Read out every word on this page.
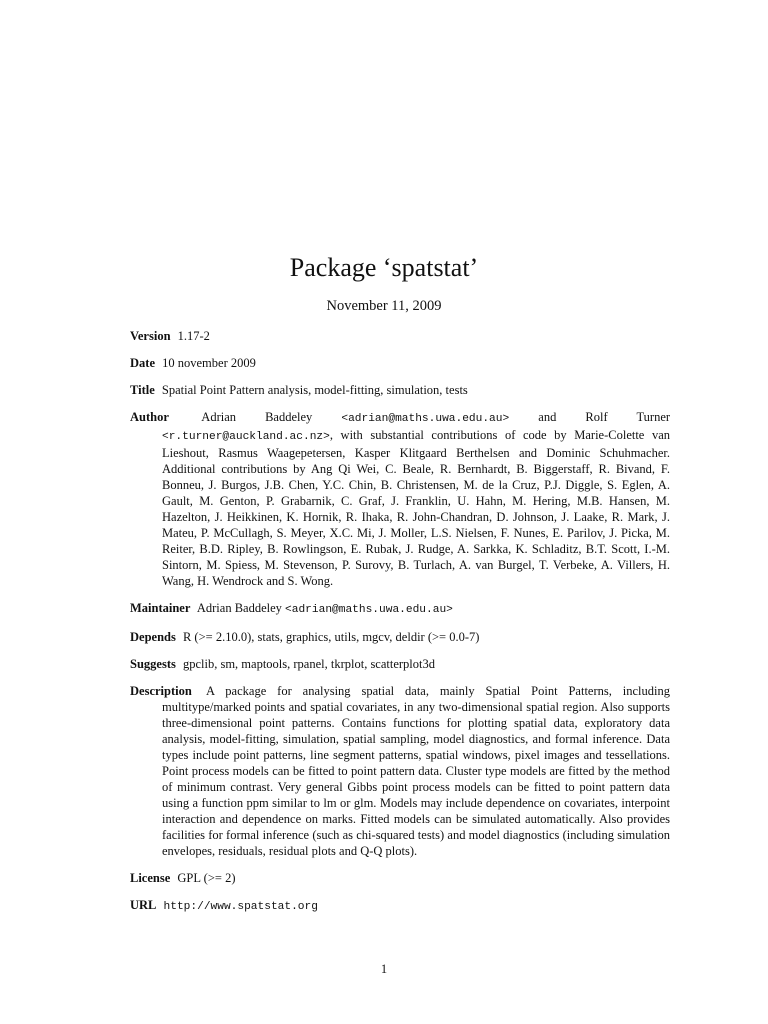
Package ‘spatstat’
November 11, 2009

Version 1.17-2

Date 10 november 2009

Title Spatial Point Pattern analysis, model-fitting, simulation, tests

Author	Adrian Baddeley	<adrian@maths.uwa.edu.au> and Rolf Turner <r.turner@auckland.ac.nz>, with substantial contributions of code by Marie-Colette van Lieshout, Rasmus Waagepetersen, Kasper Klitgaard Berthelsen and Dominic Schuhmacher. Additional contributions by Ang Qi Wei, C. Beale, R. Bernhardt, B. Biggerstaff, R. Bivand, F. Bonneu, J. Burgos, J.B. Chen, Y.C. Chin, B. Christensen, M. de la Cruz, P.J. Diggle, S. Eglen, A. Gault, M. Genton, P. Grabarnik, C. Graf, J. Franklin, U. Hahn, M. Hering, M.B. Hansen, M. Hazelton, J. Heikkinen, K. Hornik, R. Ihaka, R. John-Chandran, D. Johnson, J. Laake, R. Mark, J. Mateu, P. McCullagh, S. Meyer, X.C. Mi, J. Moller, L.S. Nielsen, F. Nunes, E. Parilov, J. Picka, M. Reiter, B.D. Ripley, B. Rowlingson, E. Rubak, J. Rudge, A. Sarkka, K. Schladitz, B.T. Scott, I.-M. Sintorn, M. Spiess, M. Stevenson, P. Surovy, B. Turlach, A. van Burgel, T. Verbeke, A. Villers, H. Wang, H. Wendrock and S. Wong.

Maintainer Adrian Baddeley <adrian@maths.uwa.edu.au>

Depends R (>= 2.10.0), stats, graphics, utils, mgcv, deldir (>= 0.0-7)

Suggests gpclib, sm, maptools, rpanel, tkrplot, scatterplot3d

Description A package for analysing spatial data, mainly Spatial Point Patterns, including multitype/marked points and spatial covariates, in any two-dimensional spatial region. Also supports three-dimensional point patterns. Contains functions for plotting spatial data, exploratory data analysis, model-fitting, simulation, spatial sampling, model diagnostics, and formal inference. Data types include point patterns, line segment patterns, spatial windows, pixel images and tessellations. Point process models can be fitted to point pattern data. Cluster type models are fitted by the method of minimum contrast. Very general Gibbs point process models can be fitted to point pattern data using a function ppm similar to lm or glm. Models may include dependence on covariates, interpoint interaction and dependence on marks. Fitted models can be simulated automatically. Also provides facilities for formal inference (such as chi-squared tests) and model diagnostics (including simulation envelopes, residuals, residual plots and Q-Q plots).

License GPL (>= 2)

URL http://www.spatstat.org

1
